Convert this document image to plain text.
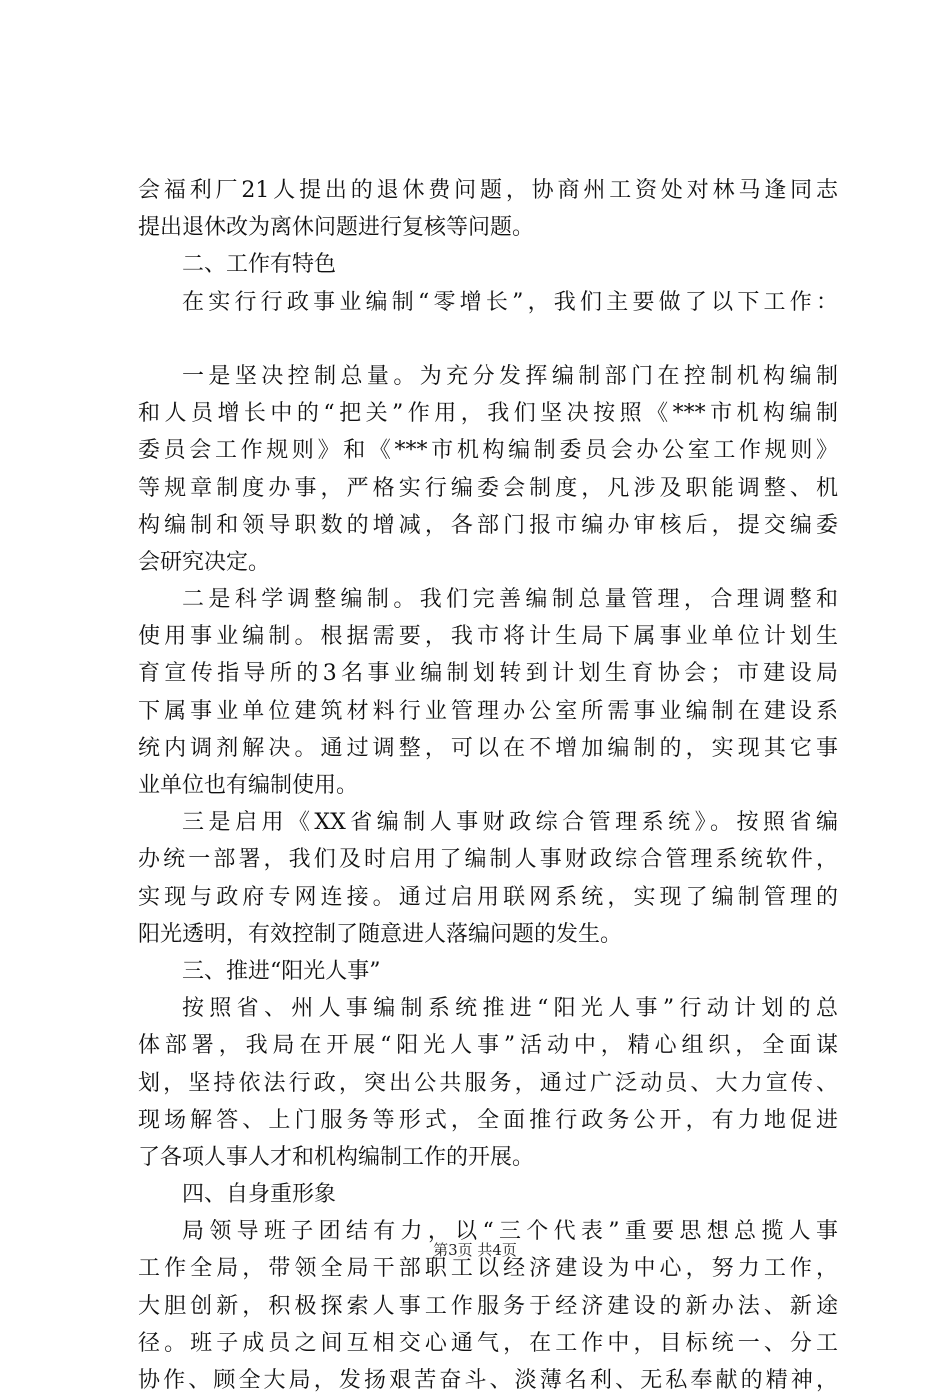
会福利厂21人提出的退休费问题，协商州工资处对林马逢同志
提出退休改为离休问题进行复核等问题。
二、工作有特色
在实行行政事业编制“零增长”，我们主要做了以下工作：
一是坚决控制总量。为充分发挥编制部门在控制机构编制
和人员增长中的“把关”作用，我们坚决按照《***市机构编制
委员会工作规则》和《***市机构编制委员会办公室工作规则》
等规章制度办事，严格实行编委会制度，凡涉及职能调整、机
构编制和领导职数的增减，各部门报市编办审核后，提交编委
会研究决定。
二是科学调整编制。我们完善编制总量管理，合理调整和
使用事业编制。根据需要，我市将计生局下属事业单位计划生
育宣传指导所的3名事业编制划转到计划生育协会；市建设局
下属事业单位建筑材料行业管理办公室所需事业编制在建设系
统内调剂解决。通过调整，可以在不增加编制的，实现其它事
业单位也有编制使用。
三是启用《XX省编制人事财政综合管理系统》。按照省编
办统一部署，我们及时启用了编制人事财政综合管理系统软件，
实现与政府专网连接。通过启用联网系统，实现了编制管理的
阳光透明，有效控制了随意进人落编问题的发生。
三、推进“阳光人事”
按照省、州人事编制系统推进“阳光人事”行动计划的总
体部署，我局在开展“阳光人事”活动中，精心组织，全面谋
划，坚持依法行政，突出公共服务，通过广泛动员、大力宣传、
现场解答、上门服务等形式，全面推行政务公开，有力地促进
了各项人事人才和机构编制工作的开展。
四、自身重形象
局领导班子团结有力，以“三个代表”重要思想总揽人事
工作全局，带领全局干部职工以经济建设为中心，努力工作，
大胆创新，积极探索人事工作服务于经济建设的新办法、新途
径。班子成员之间互相交心通气，在工作中，目标统一、分工
协作、顾全大局，发扬艰苦奋斗、淡薄名利、无私奉献的精神，
第3页 共4页
